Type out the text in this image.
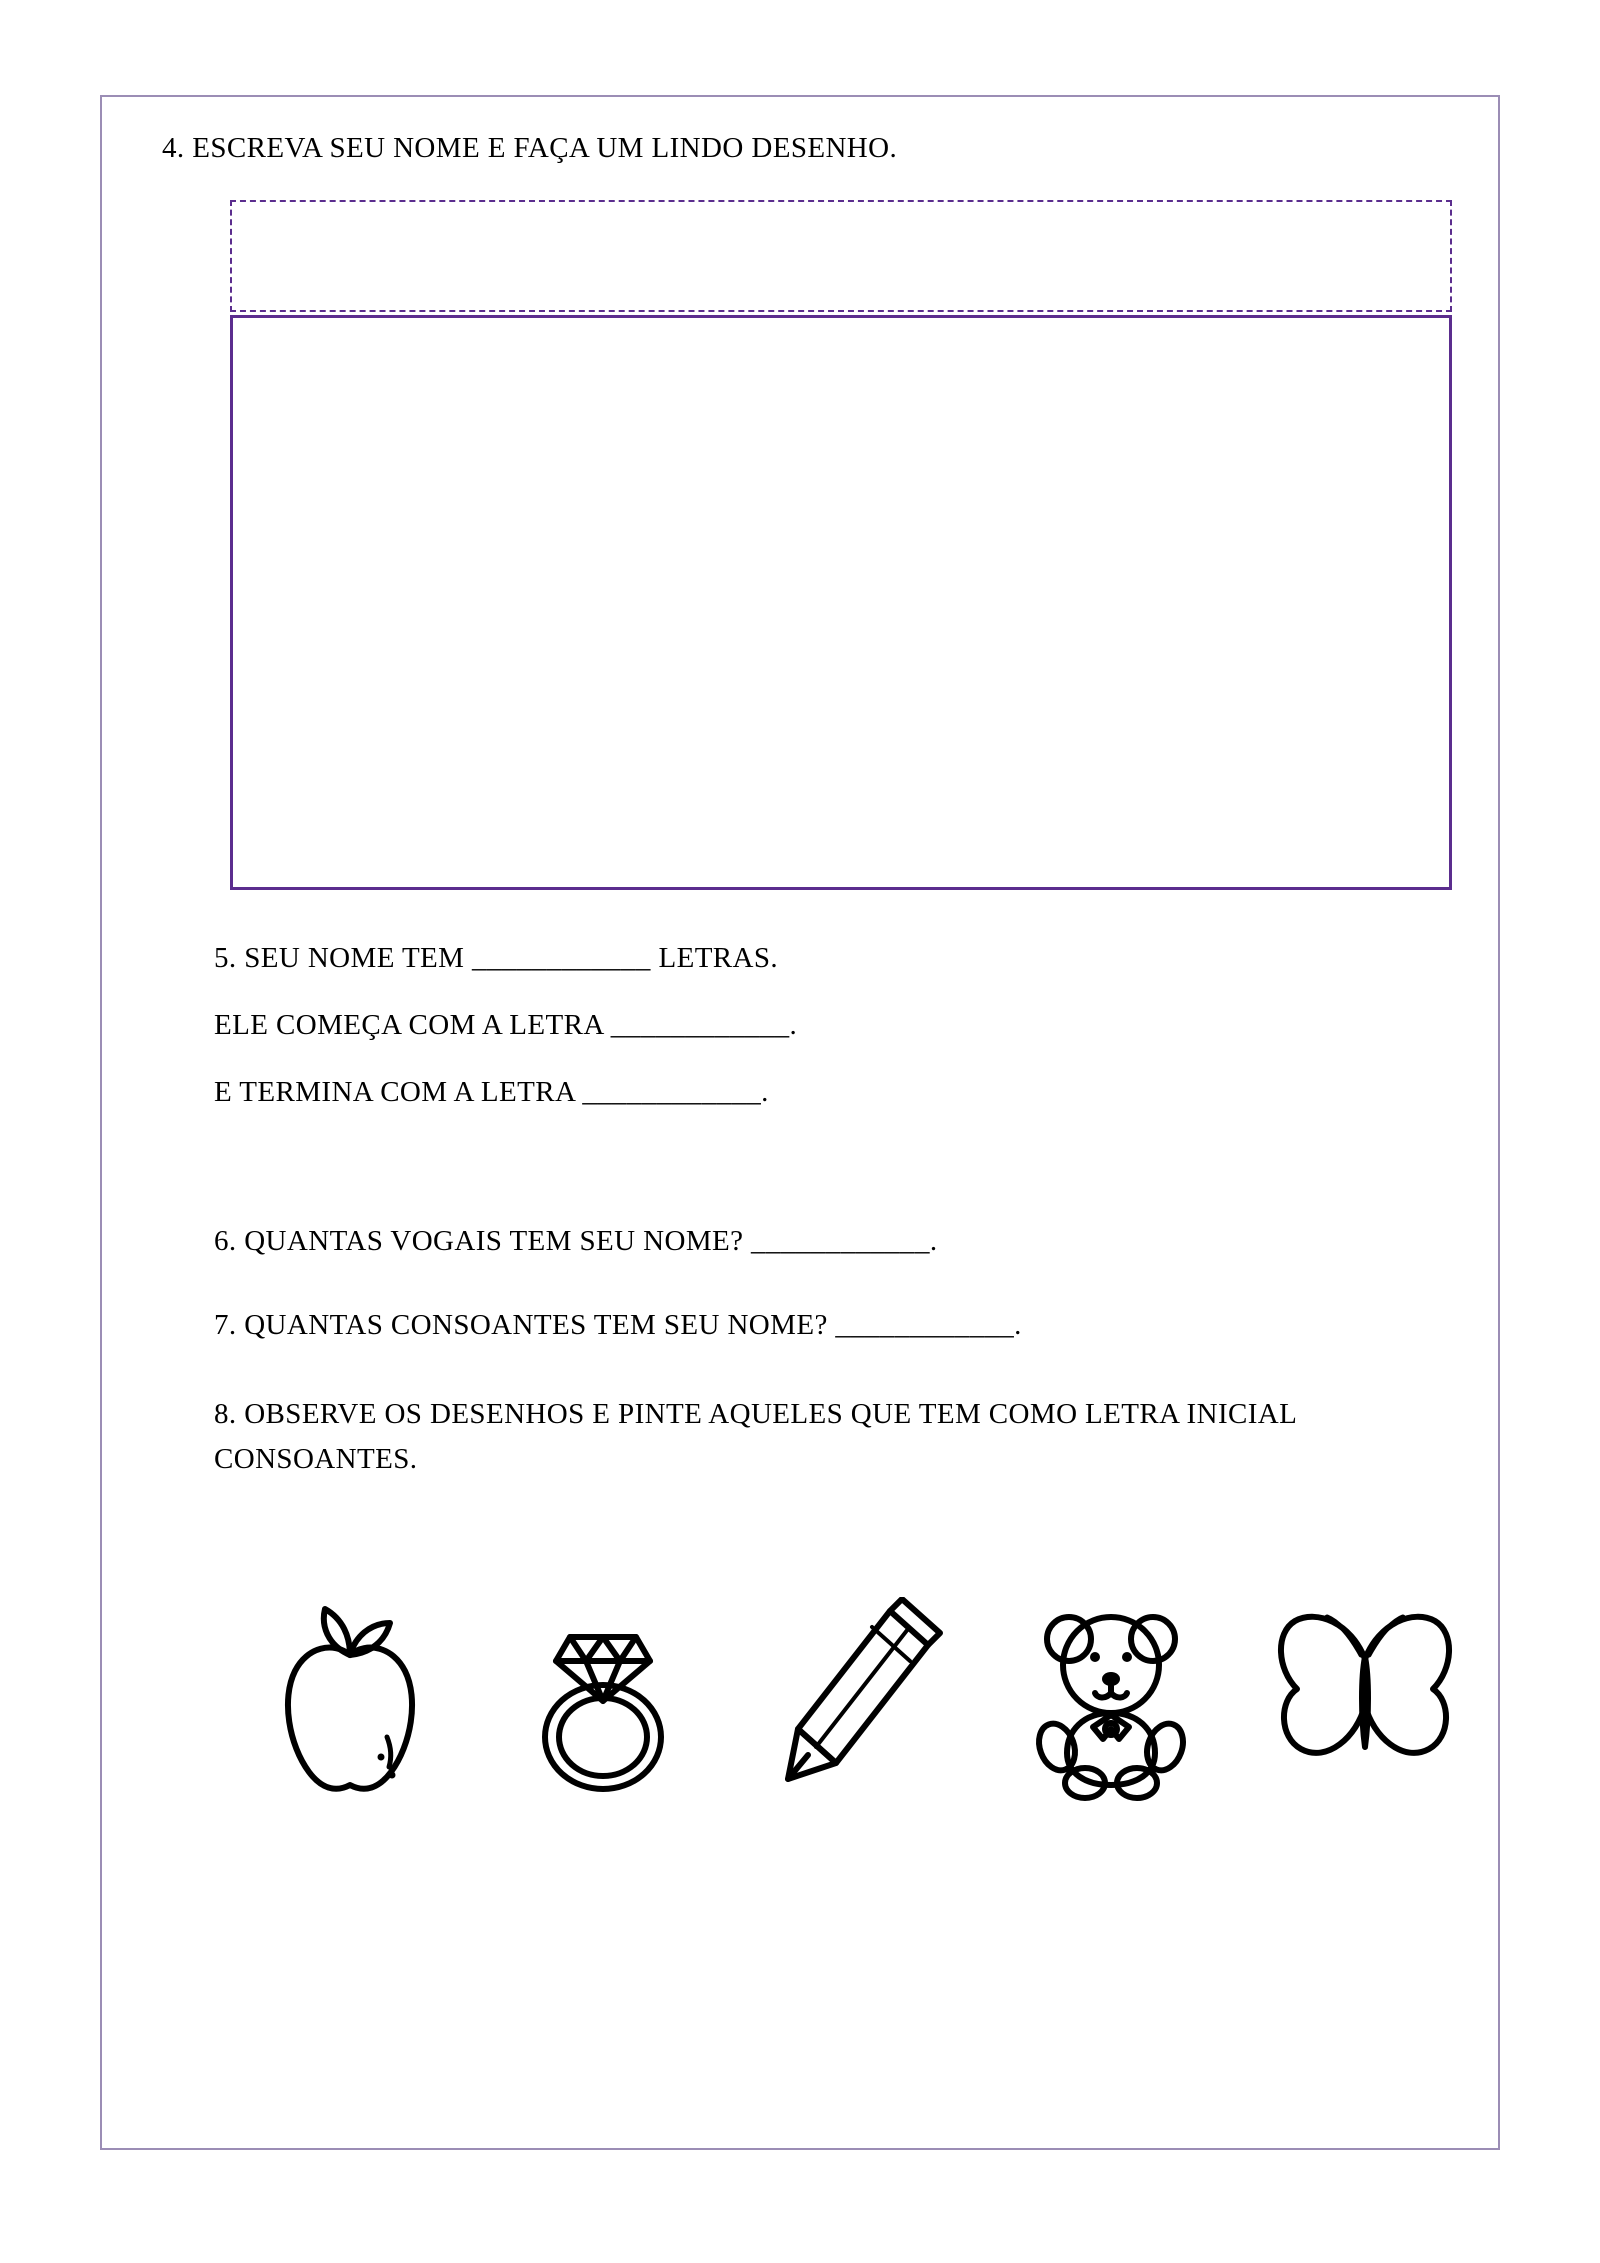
4. ESCREVA SEU NOME E FAÇA UM LINDO DESENHO.
5. SEU NOME TEM ____________ LETRAS.
ELE COMEÇA COM A LETRA ____________.
E TERMINA COM A LETRA ____________.
6. QUANTAS VOGAIS TEM SEU NOME? ____________.
7. QUANTAS CONSOANTES TEM SEU NOME? ____________.
8. OBSERVE OS DESENHOS E PINTE AQUELES QUE TEM COMO LETRA INICIAL CONSOANTES.
